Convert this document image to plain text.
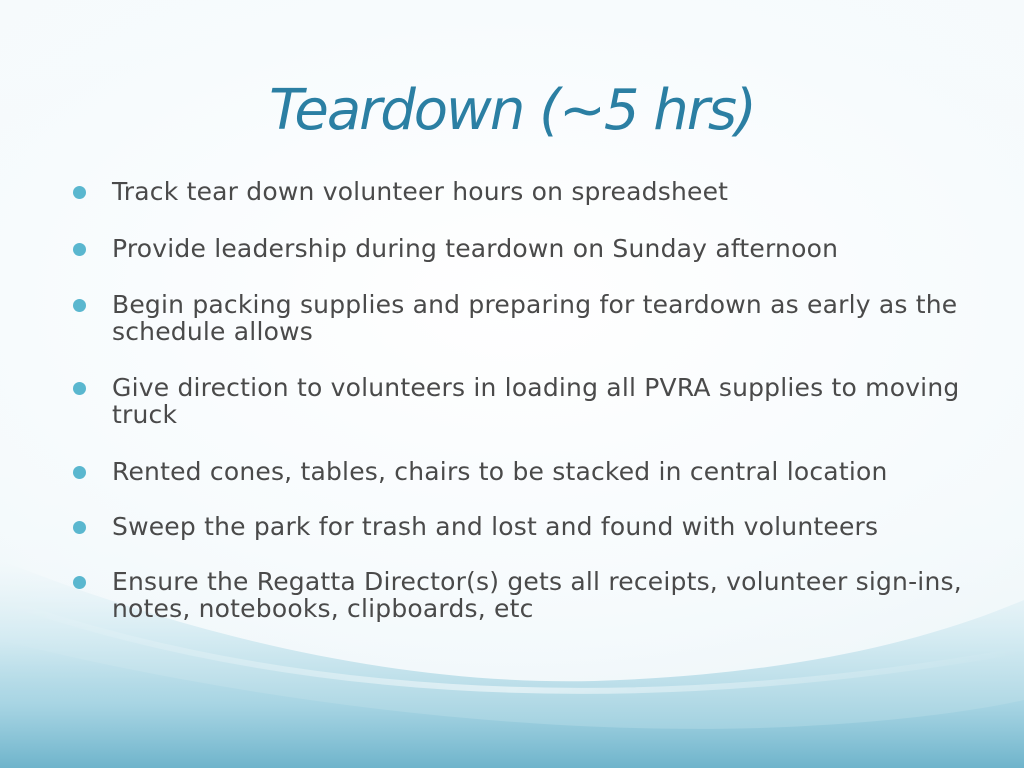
Teardown (~5 hrs)
Track tear down volunteer hours on spreadsheet
Provide leadership during teardown on Sunday afternoon
Begin packing supplies and preparing for teardown as early as the schedule allows
Give direction to volunteers in loading all PVRA supplies to moving truck
Rented cones, tables, chairs to be stacked in central location
Sweep the park for trash and lost and found with volunteers
Ensure the Regatta Director(s) gets all receipts, volunteer sign-ins, notes, notebooks, clipboards, etc
